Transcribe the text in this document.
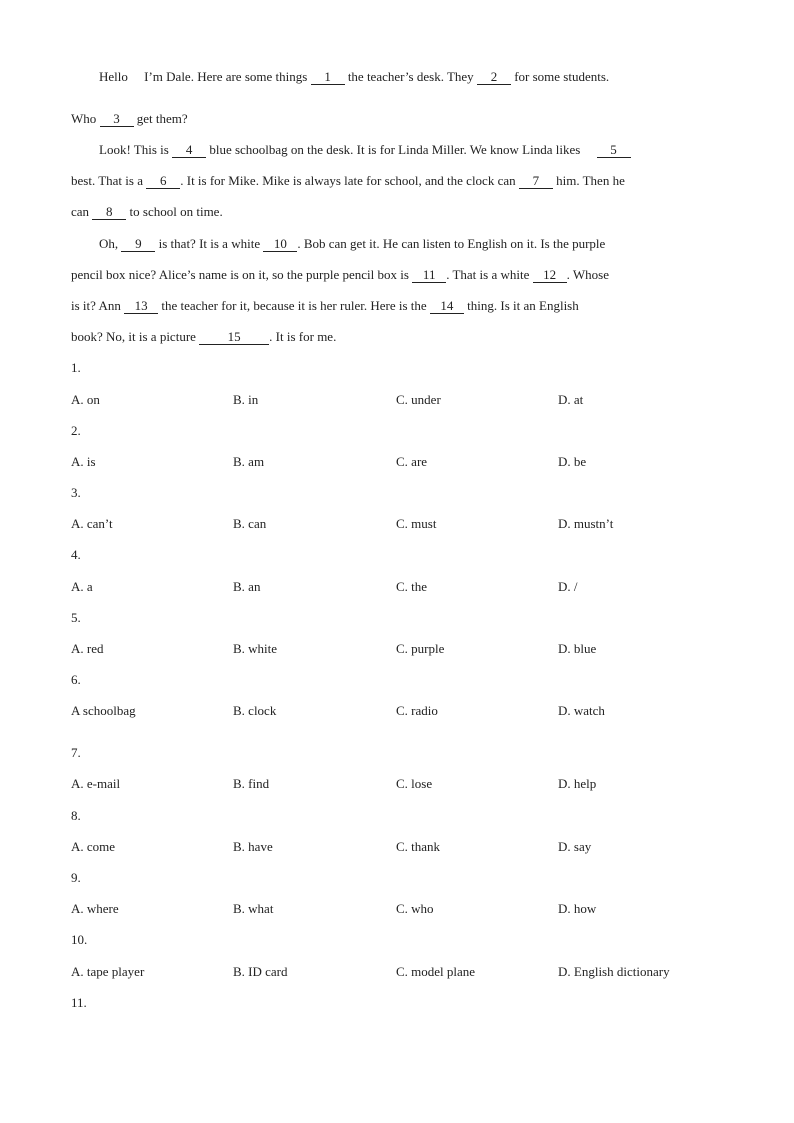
Hello I’m Dale. Here are some things 1 the teacher’s desk. They 2 for some students.
Who 3 get them?
Look! This is 4 blue schoolbag on the desk. It is for Linda Miller. We know Linda likes 5
best. That is a 6 . It is for Mike. Mike is always late for school, and the clock can 7 him. Then he
can 8 to school on time.
Oh, 9 is that? It is a white 10 . Bob can get it. He can listen to English on it. Is the purple
pencil box nice? Alice’s name is on it, so the purple pencil box is 11 . That is a white 12 . Whose
is it? Ann 13 the teacher for it, because it is her ruler. Here is the 14 thing. Is it an English
book? No, it is a picture 15 . It is for me.
1.
A. on	B. in	C. under	D. at
2.
A. is	B. am	C. are	D. be
3.
A. can’t	B. can	C. must	D. mustn’t
4.
A. a	B. an	C. the	D. /
5.
A. red	B. white	C. purple	D. blue
6.
A schoolbag	B. clock	C. radio	D. watch
7.
A. e-mail	B. find	C. lose	D. help
8.
A. come	B. have	C. thank	D. say
9.
A. where	B. what	C. who	D. how
10.
A. tape player	B. ID card	C. model plane	D. English dictionary
11.
